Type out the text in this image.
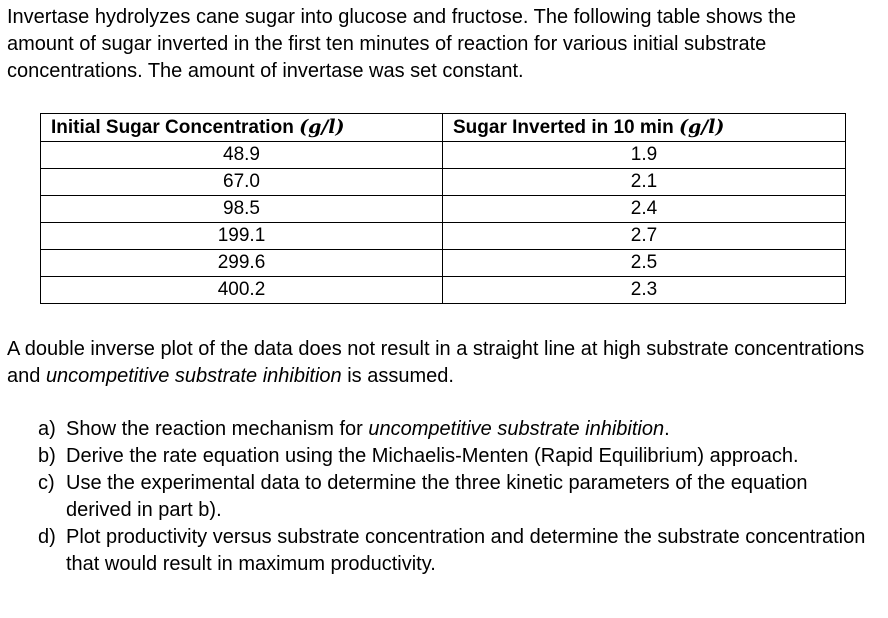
Invertase hydrolyzes cane sugar into glucose and fructose. The following table shows the amount of sugar inverted in the first ten minutes of reaction for various initial substrate concentrations. The amount of invertase was set constant.

Initial Sugar Concentration (g/l)	Sugar Inverted in 10 min (g/l)
48.9	1.9
67.0	2.1
98.5	2.4
199.1	2.7
299.6	2.5
400.2	2.3

A double inverse plot of the data does not result in a straight line at high substrate concentrations and uncompetitive substrate inhibition is assumed.

a) Show the reaction mechanism for uncompetitive substrate inhibition.
b) Derive the rate equation using the Michaelis-Menten (Rapid Equilibrium) approach.
c) Use the experimental data to determine the three kinetic parameters of the equation derived in part b).
d) Plot productivity versus substrate concentration and determine the substrate concentration that would result in maximum productivity.
